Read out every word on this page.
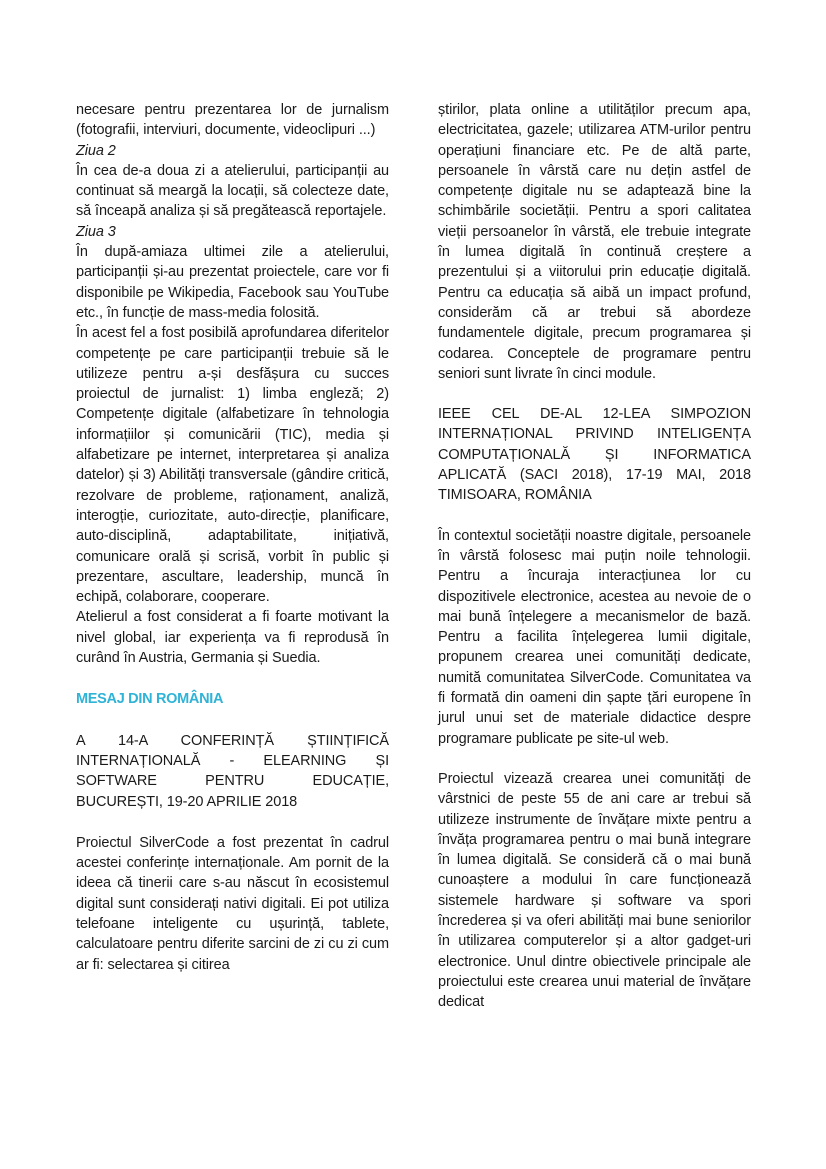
necesare pentru prezentarea lor de jurnalism (fotografii, interviuri, documente, videoclipuri ...)

Ziua 2

În cea de-a doua zi a atelierului, participanții au continuat să meargă la locații, să colecteze date, să înceapă analiza și să pregătească reportajele.

Ziua 3

În după-amiaza ultimei zile a atelierului, participanții și-au prezentat proiectele, care vor fi disponibile pe Wikipedia, Facebook sau YouTube etc., în funcție de mass-media folosită.

În acest fel a fost posibilă aprofundarea diferitelor competențe pe care participanții trebuie să le utilizeze pentru a-și desfășura cu succes proiectul de jurnalist: 1) limba engleză; 2) Competențe digitale (alfabetizare în tehnologia informațiilor și comunicării (TIC), media și alfabetizare pe internet, interpretarea și analiza datelor) și 3) Abilități transversale (gândire critică, rezolvare de probleme, raționament, analiză, interogție, curiozitate, auto-direcție, planificare, auto-disciplină, adaptabilitate, inițiativă, comunicare orală și scrisă, vorbit în public și prezentare, ascultare, leadership, muncă în echipă, colaborare, cooperare.

Atelierul a fost considerat a fi foarte motivant la nivel global, iar experiența va fi reprodusă în curând în Austria, Germania și Suedia.

MESAJ DIN ROMÂNIA

A 14-A CONFERINȚĂ ȘTIINȚIFICĂ INTERNAȚIONALĂ - ELEARNING ȘI SOFTWARE PENTRU EDUCAȚIE, BUCUREȘTI, 19-20 APRILIE 2018

Proiectul SilverCode a fost prezentat în cadrul acestei conferințe internaționale. Am pornit de la ideea că tinerii care s-au născut în ecosistemul digital sunt considerați nativi digitali. Ei pot utiliza telefoane inteligente cu ușurință, tablete, calculatoare pentru diferite sarcini de zi cu zi cum ar fi: selectarea și citirea

știrilor, plata online a utilităților precum apa, electricitatea, gazele; utilizarea ATM-urilor pentru operațiuni financiare etc. Pe de altă parte, persoanele în vârstă care nu dețin astfel de competențe digitale nu se adaptează bine la schimbările societății. Pentru a spori calitatea vieții persoanelor în vârstă, ele trebuie integrate în lumea digitală în continuă creștere a prezentului și a viitorului prin educație digitală. Pentru ca educația să aibă un impact profund, considerăm că ar trebui să abordeze fundamentele digitale, precum programarea și codarea. Conceptele de programare pentru seniori sunt livrate în cinci module.

IEEE CEL DE-AL 12-LEA SIMPOZION INTERNAȚIONAL PRIVIND INTELIGENȚA COMPUTAȚIONALĂ ȘI INFORMATICA APLICATĂ (SACI 2018), 17-19 MAI, 2018 TIMISOARA, ROMÂNIA

În contextul societății noastre digitale, persoanele în vârstă folosesc mai puțin noile tehnologii. Pentru a încuraja interacțiunea lor cu dispozitivele electronice, acestea au nevoie de o mai bună înțelegere a mecanismelor de bază. Pentru a facilita înțelegerea lumii digitale, propunem crearea unei comunități dedicate, numită comunitatea SilverCode. Comunitatea va fi formată din oameni din șapte țări europene în jurul unui set de materiale didactice despre programare publicate pe site-ul web.

Proiectul vizează crearea unei comunități de vârstnici de peste 55 de ani care ar trebui să utilizeze instrumente de învățare mixte pentru a învăța programarea pentru o mai bună integrare în lumea digitală. Se consideră că o mai bună cunoaștere a modului în care funcționează sistemele hardware și software va spori încrederea și va oferi abilități mai bune seniorilor în utilizarea computerelor și a altor gadget-uri electronice. Unul dintre obiectivele principale ale proiectului este crearea unui material de învățare dedicat
